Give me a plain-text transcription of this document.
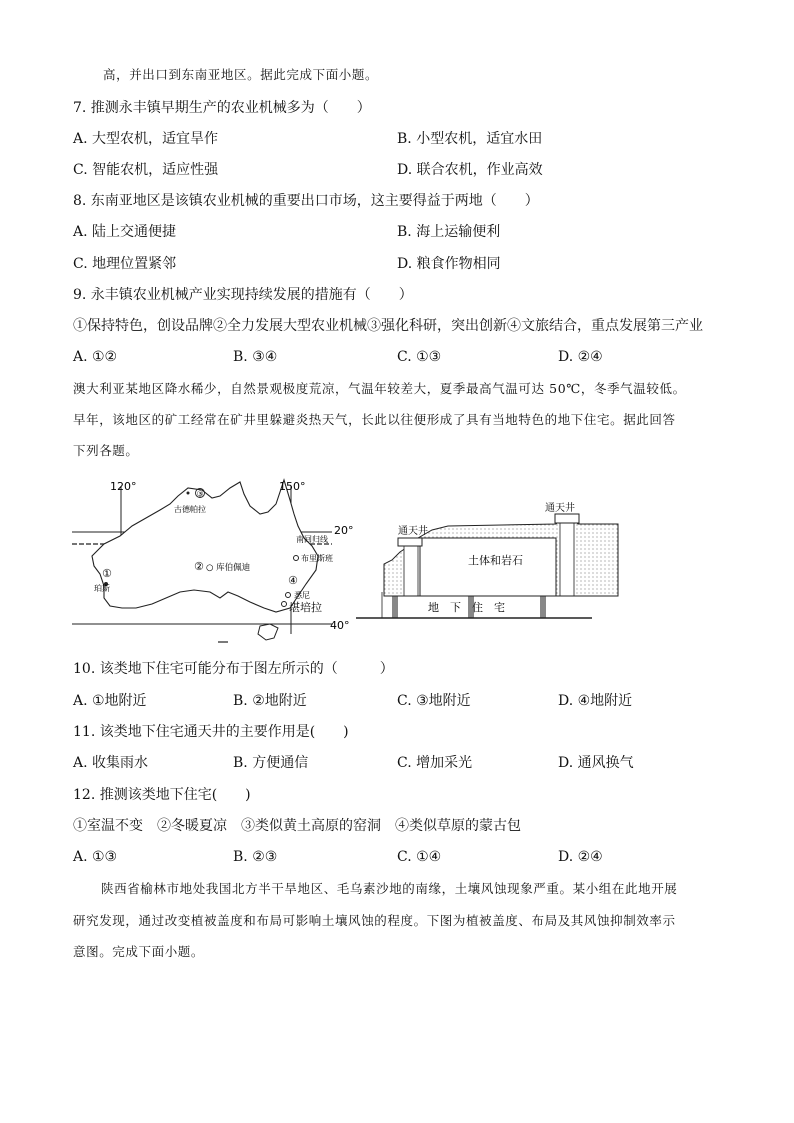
高，并出口到东南亚地区。据此完成下面小题。
7. 推测永丰镇早期生产的农业机械多为（　　）
A. 大型农机，适宜旱作	B. 小型农机，适宜水田
C. 智能农机，适应性强	D. 联合农机，作业高效
8. 东南亚地区是该镇农业机械的重要出口市场，这主要得益于两地（　　）
A. 陆上交通便捷	B. 海上运输便利
C. 地理位置紧邻	D. 粮食作物相同
9. 永丰镇农业机械产业实现持续发展的措施有（　　）
①保持特色，创设品牌②全力发展大型农业机械③强化科研，突出创新④文旅结合，重点发展第三产业
A. ①②	B. ③④	C. ①③	D. ②④
澳大利亚某地区降水稀少，自然景观极度荒凉，气温年较差大，夏季最高气温可达 50℃，冬季气温较低。
早年，该地区的矿工经常在矿井里躲避炎热天气，长此以往便形成了具有当地特色的地下住宅。据此回答
下列各题。
120°	150°
20°
40°
南回归线
③
古德帕拉
①
珀斯
② ○ 库伯佩迪
布里斯班
④
悉尼
堪培拉
通天井
通天井
土体和岩石
地　下　住　宅
10. 该类地下住宅可能分布于图左所示的（　　　）
A. ①地附近	B. ②地附近	C. ③地附近	D. ④地附近
11. 该类地下住宅通天井的主要作用是(　　)
A. 收集雨水	B. 方便通信	C. 增加采光	D. 通风换气
12. 推测该类地下住宅(　　)
①室温不变　②冬暖夏凉　③类似黄土高原的窑洞　④类似草原的蒙古包
A. ①③	B. ②③	C. ①④	D. ②④
陕西省榆林市地处我国北方半干旱地区、毛乌素沙地的南缘，土壤风蚀现象严重。某小组在此地开展
研究发现，通过改变植被盖度和布局可影响土壤风蚀的程度。下图为植被盖度、布局及其风蚀抑制效率示
意图。完成下面小题。
